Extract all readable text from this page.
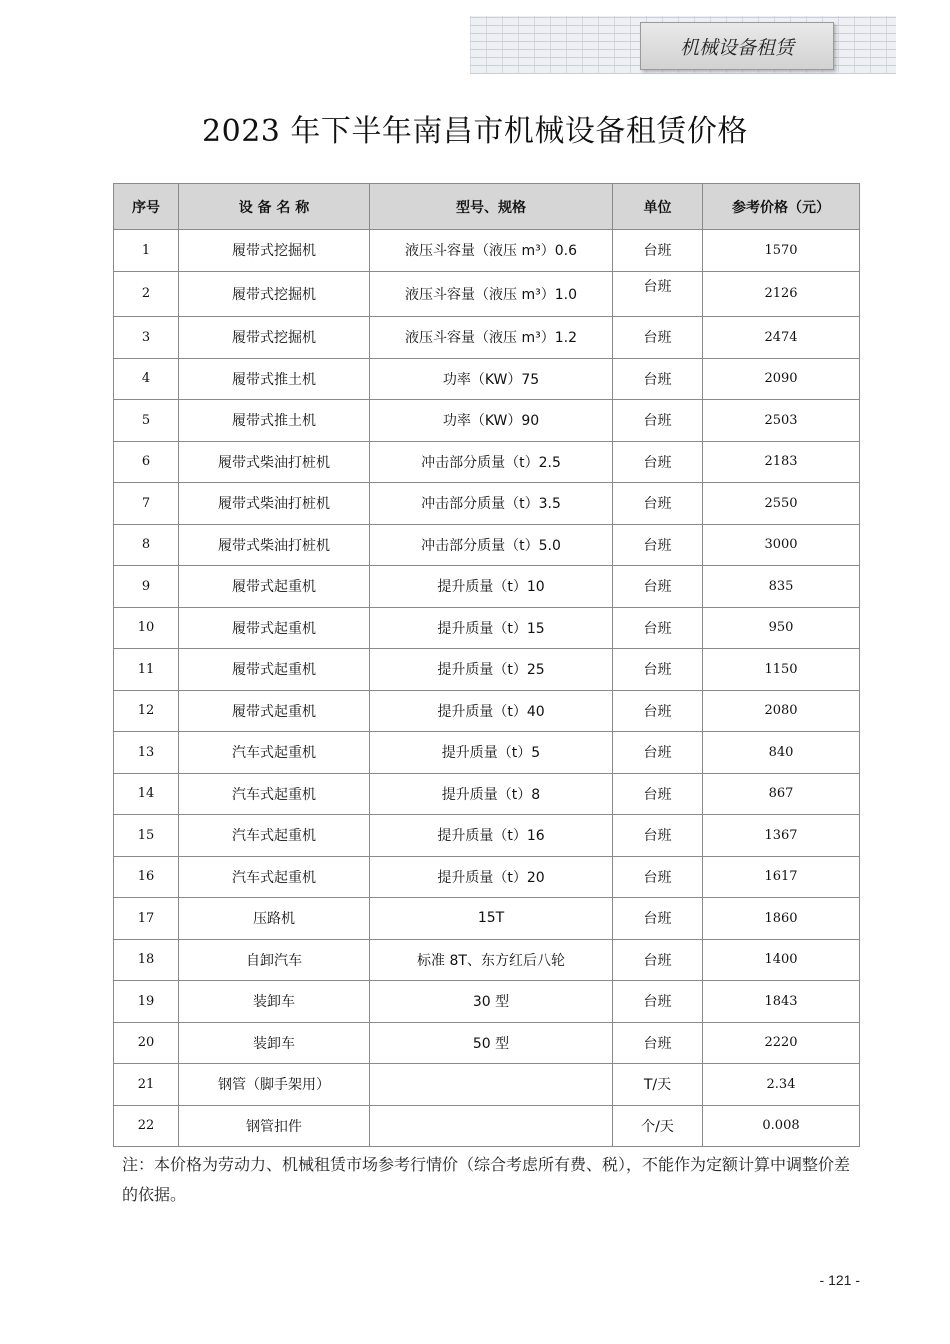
机械设备租赁
2023 年下半年南昌市机械设备租赁价格
序号	设 备 名 称	型号、规格	单位	参考价格（元）
1	履带式挖掘机	液压斗容量（液压 m³）0.6	台班	1570
2	履带式挖掘机	液压斗容量（液压 m³）1.0	台班	2126
3	履带式挖掘机	液压斗容量（液压 m³）1.2	台班	2474
4	履带式推土机	功率（KW）75	台班	2090
5	履带式推土机	功率（KW）90	台班	2503
6	履带式柴油打桩机	冲击部分质量（t）2.5	台班	2183
7	履带式柴油打桩机	冲击部分质量（t）3.5	台班	2550
8	履带式柴油打桩机	冲击部分质量（t）5.0	台班	3000
9	履带式起重机	提升质量（t）10	台班	835
10	履带式起重机	提升质量（t）15	台班	950
11	履带式起重机	提升质量（t）25	台班	1150
12	履带式起重机	提升质量（t）40	台班	2080
13	汽车式起重机	提升质量（t）5	台班	840
14	汽车式起重机	提升质量（t）8	台班	867
15	汽车式起重机	提升质量（t）16	台班	1367
16	汽车式起重机	提升质量（t）20	台班	1617
17	压路机	15T	台班	1860
18	自卸汽车	标准 8T、东方红后八轮	台班	1400
19	装卸车	30 型	台班	1843
20	装卸车	50 型	台班	2220
21	钢管（脚手架用）		T/天	2.34
22	钢管扣件		个/天	0.008
注：本价格为劳动力、机械租赁市场参考行情价（综合考虑所有费、税），不能作为定额计算中调整价差的依据。
- 121 -
